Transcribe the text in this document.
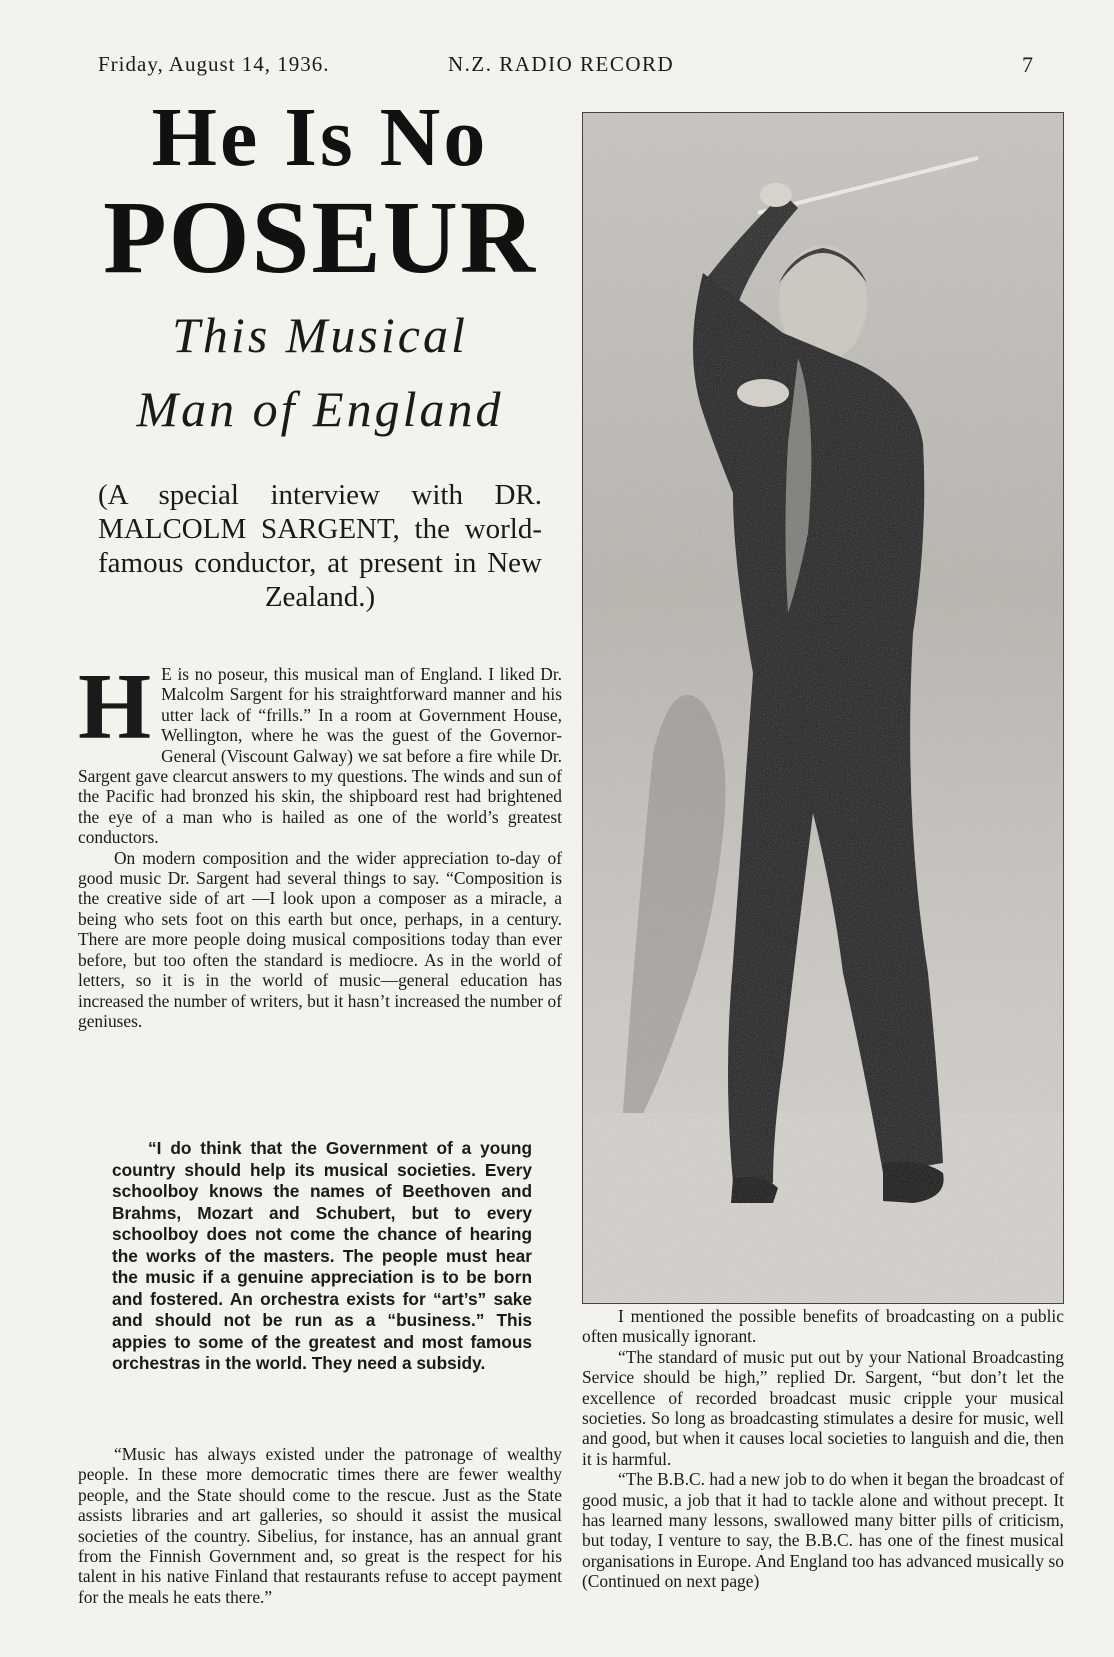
Friday, August 14, 1936.	N.Z. RADIO RECORD	7
He Is No
POSEUR
This Musical
Man of England
(A special interview with DR. MALCOLM SARGENT, the world-famous conductor, at present in New Zealand.)
H E is no poseur, this musical man of England. I liked Dr. Malcolm Sargent for his straightforward manner and his utter lack of “frills.” In a room at Government House, Wellington, where he was the guest of the Governor-General (Viscount Galway) we sat before a fire while Dr. Sargent gave clearcut answers to my questions. The winds and sun of the Pacific had bronzed his skin, the shipboard rest had brightened the eye of a man who is hailed as one of the world’s greatest conductors.

On modern composition and the wider appreciation to-day of good music Dr. Sargent had several things to say. “Composition is the creative side of art —I look upon a composer as a miracle, a being who sets foot on this earth but once, perhaps, in a century. There are more people doing musical compositions today than ever before, but too often the standard is mediocre. As in the world of letters, so it is in the world of music—general education has increased the number of writers, but it hasn’t increased the number of geniuses.

“I do think that the Government of a young country should help its musical societies. Every schoolboy knows the names of Beethoven and Brahms, Mozart and Schubert, but to every schoolboy does not come the chance of hearing the works of the masters. The people must hear the music if a genuine appreciation is to be born and fostered. An orchestra exists for “art’s” sake and should not be run as a “business.” This appies to some of the greatest and most famous orchestras in the world. They need a subsidy.

“Music has always existed under the patronage of wealthy people. In these more democratic times there are fewer wealthy people, and the State should come to the rescue. Just as the State assists libraries and art galleries, so should it assist the musical societies of the country. Sibelius, for instance, has an annual grant from the Finnish Government and, so great is the respect for his talent in his native Finland that restaurants refuse to accept payment for the meals he eats there.”

I mentioned the possible benefits of broadcasting on a public often musically ignorant.

“The standard of music put out by your National Broadcasting Service should be high,” replied Dr. Sargent, “but don’t let the excellence of recorded broadcast music cripple your musical societies. So long as broadcasting stimulates a desire for music, well and good, but when it causes local societies to languish and die, then it is harmful.

“The B.B.C. had a new job to do when it began the broadcast of good music, a job that it had to tackle alone and without precept. It has learned many lessons, swallowed many bitter pills of criticism, but today, I venture to say, the B.B.C. has one of the finest musical organisations in Europe. And England too has advanced musically so (Continued on next page)
